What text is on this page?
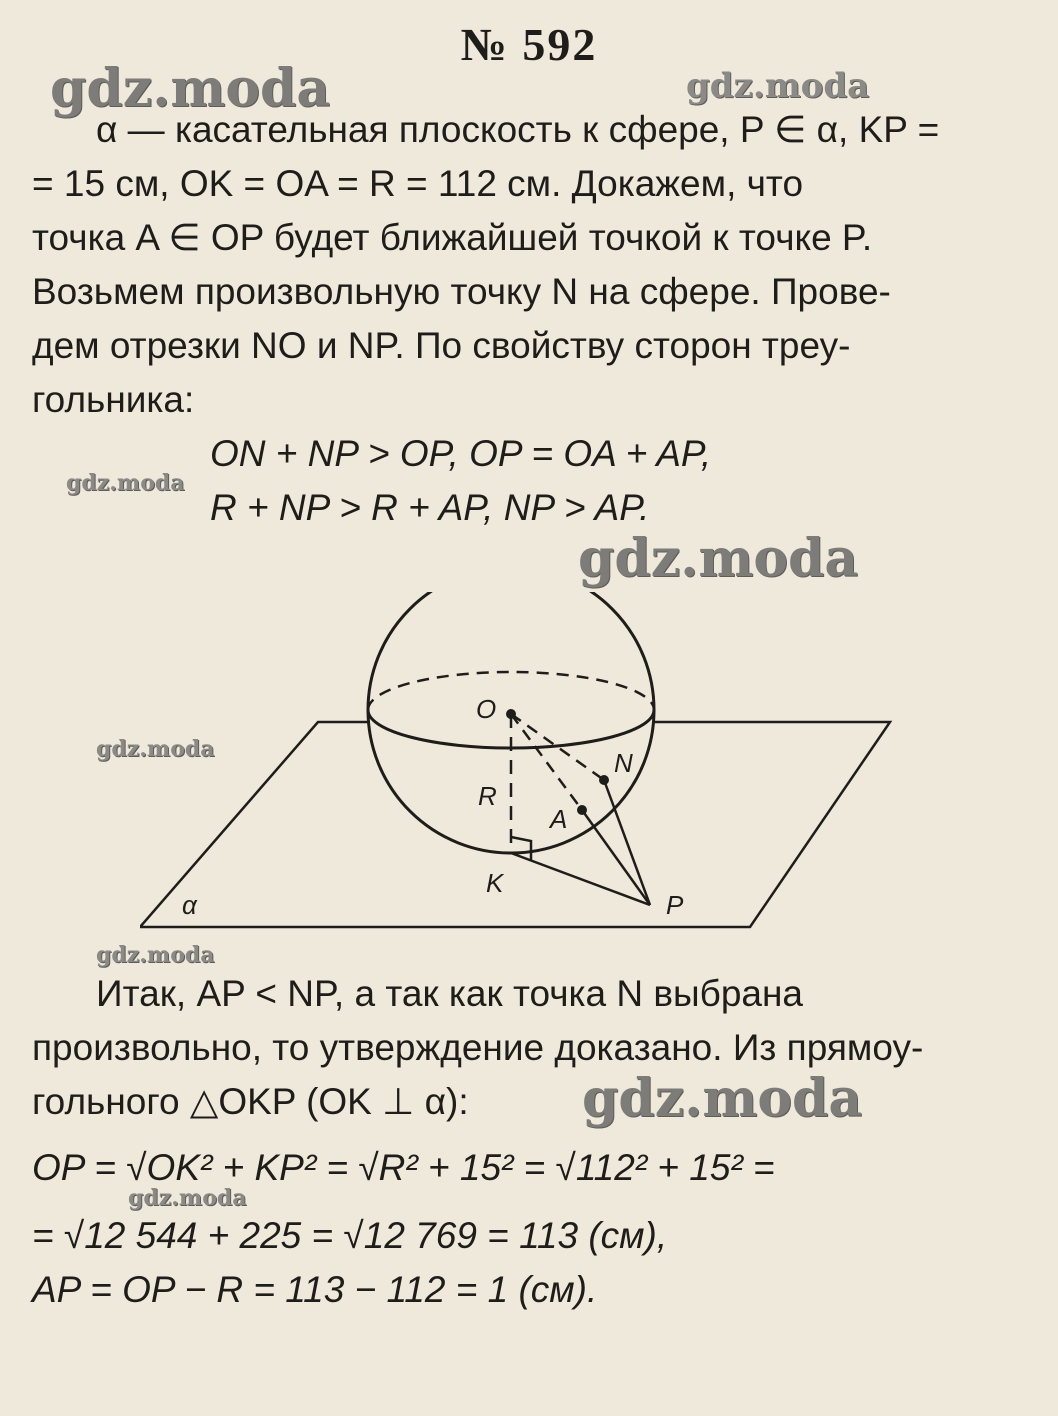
№ 592
gdz.moda	gdz.moda
gdz.moda
gdz.moda
gdz.moda
gdz.moda
gdz.moda
gdz.moda
α — касательная плоскость к сфере, P ∈ α, KP =
= 15 см, OK = OA = R = 112 см. Докажем, что
точка A ∈ OP будет ближайшей точкой к точке P.
Возьмем произвольную точку N на сфере. Прове-
дем отрезки NO и NP. По свойству сторон треу-
гольника:
ON + NP > OP, OP = OA + AP,
R + NP > R + AP, NP > AP.
O
N
R
A
K
P
α
Итак, AP < NP, а так как точка N выбрана
произвольно, то утверждение доказано. Из прямоу-
гольного △OKP (OK ⊥ α):
OP = √OK² + KP² = √R² + 15² = √112² + 15² =
= √12 544 + 225 = √12 769 = 113 (см),
AP = OP − R = 113 − 112 = 1 (см).
